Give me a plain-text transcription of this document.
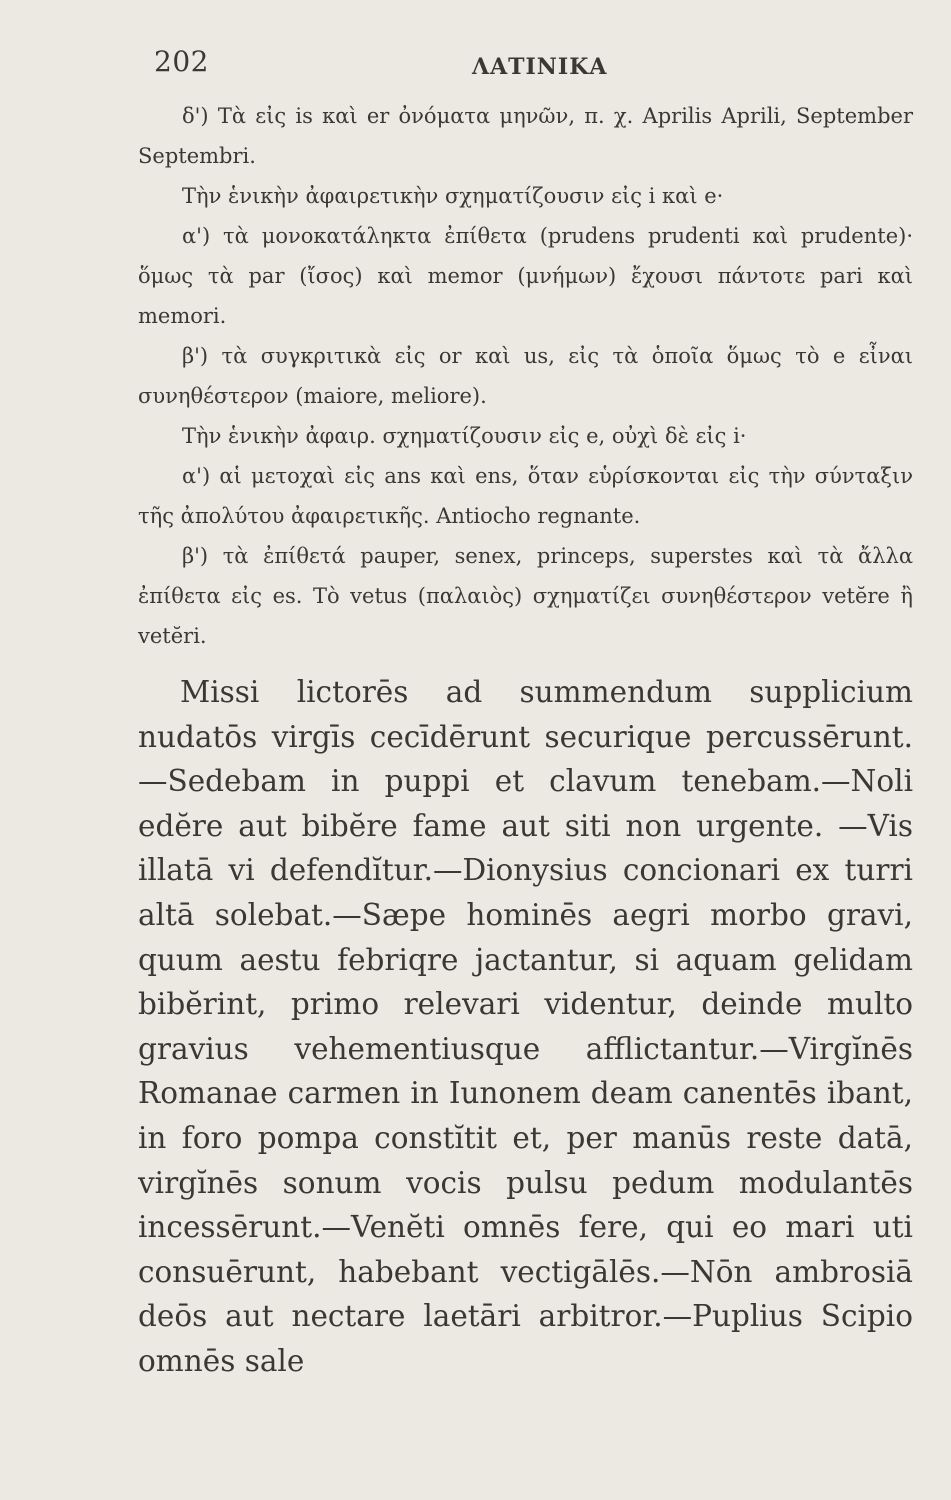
202	ΛΑΤΙΝΙΚΑ

δ') Τὰ εἰς is καὶ er ὀνόματα μηνῶν, π. χ. Aprilis Aprili, September Septembri.

Τὴν ἑνικὴν ἀφαιρετικὴν σχηματίζουσιν εἰς i καὶ e·

α') τὰ μονοκατάληκτα ἐπίθετα (prudens prudenti καὶ prudente)· ὅμως τὰ par (ἴσος) καὶ memor (μνήμων) ἔχουσι πάντοτε pari καὶ memori.

β') τὰ συγκριτικὰ εἰς or καὶ us, εἰς τὰ ὁποῖα ὅμως τὸ e εἶναι συνηθέστερον (maiore, meliore).

Τὴν ἑνικὴν ἀφαιρ. σχηματίζουσιν εἰς e, οὐχὶ δὲ εἰς i·

α') αἱ μετοχαὶ εἰς ans καὶ ens, ὅταν εὑρίσκονται εἰς τὴν σύνταξιν τῆς ἀπολύτου ἀφαιρετικῆς. Antiocho regnante.

β') τὰ ἐπίθετά pauper, senex, princeps, superstes καὶ τὰ ἄλλα ἐπίθετα εἰς es. Τὸ vetus (παλαιὸς) σχηματίζει συνηθέστερον vetĕre ἢ vetĕri.

Missi lictorēs ad summendum supplicium nudatōs virgīs cecīdērunt securique percussērunt. —Sedebam in puppi et clavum tenebam.—Noli edĕre aut bibĕre fame aut siti non urgente. —Vis illatā vi defendĭtur.—Dionysius concionari ex turri altā solebat.—Sæpe hominēs aegri morbo gravi, quum aestu febriqre jactantur, si aquam gelidam bibĕrint, primo relevari videntur, deinde multo gravius vehementiusque afflictantur.—Virgĭnēs Romanae carmen in Iunonem deam canentēs ibant, in foro pompa constĭtit et, per manūs reste datā, virgĭnēs sonum vocis pulsu pedum modulantēs incessērunt.—Venĕti omnēs fere, qui eo mari uti consuērunt, habebant vectigālēs.—Nōn ambrosiā deōs aut nectare laetāri arbitror.—Puplius Scipio omnēs sale
